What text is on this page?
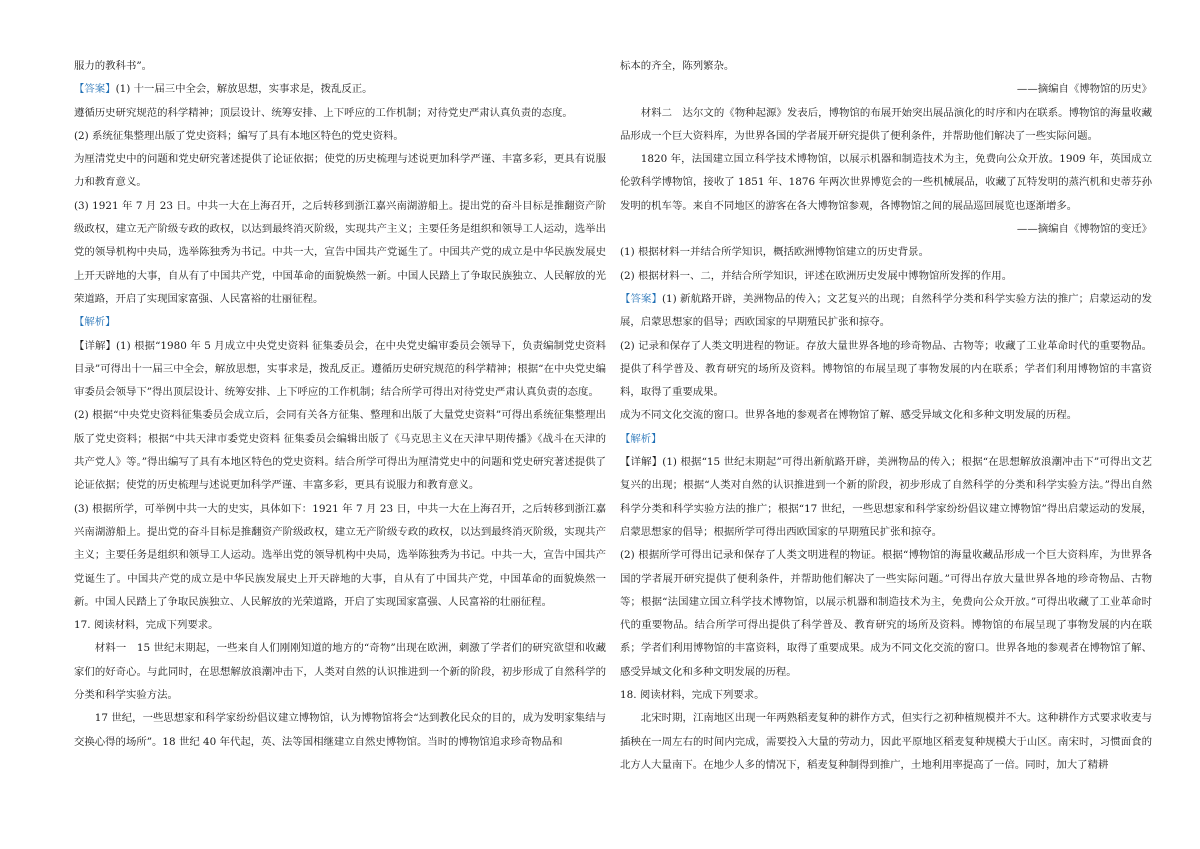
服力的教科书”。

【答案】(1) 十一届三中全会，解放思想，实事求是，拨乱反正。

遵循历史研究规范的科学精神；顶层设计、统筹安排、上下呼应的工作机制；对待党史严肃认真负责的态度。

(2) 系统征集整理出版了党史资料；编写了具有本地区特色的党史资料。

为厘清党史中的问题和党史研究著述提供了论证依据；使党的历史梳理与述说更加科学严谨、丰富多彩，更具有说服力和教育意义。

(3) 1921 年 7 月 23 日。中共一大在上海召开，之后转移到浙江嘉兴南湖游船上。提出党的奋斗目标是推翻资产阶级政权，建立无产阶级专政的政权，以达到最终消灭阶级，实现共产主义；主要任务是组织和领导工人运动，选举出党的领导机构中央局，选举陈独秀为书记。中共一大，宣告中国共产党诞生了。中国共产党的成立是中华民族发展史上开天辟地的大事，自从有了中国共产党，中国革命的面貌焕然一新。中国人民踏上了争取民族独立、人民解放的光荣道路，开启了实现国家富强、人民富裕的壮丽征程。

【解析】

【详解】(1) 根据“1980 年 5 月成立中央党史资料 征集委员会，在中央党史编审委员会领导下，负责编制党史资料 目录”可得出十一届三中全会，解放思想，实事求是，拨乱反正。遵循历史研究规范的科学精神；根据“在中央党史编审委员会领导下”得出顶层设计、统筹安排、上下呼应的工作机制；结合所学可得出对待党史严肃认真负责的态度。

(2) 根据“中央党史资料征集委员会成立后，会同有关各方征集、整理和出版了大量党史资料”可得出系统征集整理出版了党史资料；根据“中共天津市委党史资料 征集委员会编辑出版了《马克思主义在天津早期传播》《战斗在天津的共产党人》等。”得出编写了具有本地区特色的党史资料。结合所学可得出为厘清党史中的问题和党史研究著述提供了论证依据；使党的历史梳理与述说更加科学严谨、丰富多彩，更具有说服力和教育意义。

(3) 根据所学，可举例中共一大的史实，具体如下：1921 年 7 月 23 日，中共一大在上海召开，之后转移到浙江嘉兴南湖游船上。提出党的奋斗目标是推翻资产阶级政权，建立无产阶级专政的政权，以达到最终消灭阶级，实现共产主义；主要任务是组织和领导工人运动。选举出党的领导机构中央局，选举陈独秀为书记。中共一大，宣告中国共产党诞生了。中国共产党的成立是中华民族发展史上开天辟地的大事，自从有了中国共产党，中国革命的面貌焕然一新。中国人民踏上了争取民族独立、人民解放的光荣道路，开启了实现国家富强、人民富裕的壮丽征程。

17. 阅读材料，完成下列要求。

材料一　15 世纪末期起，一些来自人们刚刚知道的地方的“奇物”出现在欧洲，刺激了学者们的研究欲望和收藏家们的好奇心。与此同时，在思想解放浪潮冲击下，人类对自然的认识推进到一个新的阶段，初步形成了自然科学的分类和科学实验方法。

17 世纪，一些思想家和科学家纷纷倡议建立博物馆，认为博物馆将会“达到教化民众的目的，成为发明家集结与交换心得的场所”。18 世纪 40 年代起，英、法等国相继建立自然史博物馆。当时的博物馆追求珍奇物品和

标本的齐全，陈列繁杂。

——摘编自《博物馆的历史》

材料二　达尔文的《物种起源》发表后，博物馆的布展开始突出展品演化的时序和内在联系。博物馆的海量收藏品形成一个巨大资料库，为世界各国的学者展开研究提供了便利条件，并帮助他们解决了一些实际问题。

1820 年，法国建立国立科学技术博物馆，以展示机器和制造技术为主，免费向公众开放。1909 年，英国成立伦敦科学博物馆，接收了 1851 年、1876 年两次世界博览会的一些机械展品，收藏了瓦特发明的蒸汽机和史蒂芬孙发明的机车等。来自不同地区的游客在各大博物馆参观，各博物馆之间的展品巡回展览也逐渐增多。

——摘编自《博物馆的变迁》

(1) 根据材料一并结合所学知识，概括欧洲博物馆建立的历史背景。

(2) 根据材料一、二，并结合所学知识，评述在欧洲历史发展中博物馆所发挥的作用。

【答案】(1) 新航路开辟，美洲物品的传入；文艺复兴的出现；自然科学分类和科学实验方法的推广；启蒙运动的发展，启蒙思想家的倡导；西欧国家的早期殖民扩张和掠夺。

(2) 记录和保存了人类文明进程的物证。存放大量世界各地的珍奇物品、古物等；收藏了工业革命时代的重要物品。提供了科学普及、教育研究的场所及资料。博物馆的布展呈现了事物发展的内在联系；学者们利用博物馆的丰富资料，取得了重要成果。

成为不同文化交流的窗口。世界各地的参观者在博物馆了解、感受异域文化和多种文明发展的历程。

【解析】

【详解】(1) 根据“15 世纪末期起”可得出新航路开辟，美洲物品的传入；根据“在思想解放浪潮冲击下”可得出文艺复兴的出现；根据“人类对自然的认识推进到一个新的阶段，初步形成了自然科学的分类和科学实验方法。”得出自然科学分类和科学实验方法的推广；根据“17 世纪，一些思想家和科学家纷纷倡议建立博物馆”得出启蒙运动的发展，启蒙思想家的倡导；根据所学可得出西欧国家的早期殖民扩张和掠夺。

(2) 根据所学可得出记录和保存了人类文明进程的物证。根据“博物馆的海量收藏品形成一个巨大资料库，为世界各国的学者展开研究提供了便利条件，并帮助他们解决了一些实际问题。”可得出存放大量世界各地的珍奇物品、古物等；根据“法国建立国立科学技术博物馆，以展示机器和制造技术为主，免费向公众开放。”可得出收藏了工业革命时代的重要物品。结合所学可得出提供了科学普及、教育研究的场所及资料。博物馆的布展呈现了事物发展的内在联系；学者们利用博物馆的丰富资料，取得了重要成果。成为不同文化交流的窗口。世界各地的参观者在博物馆了解、感受异域文化和多种文明发展的历程。

18. 阅读材料，完成下列要求。

北宋时期，江南地区出现一年两熟稻麦复种的耕作方式，但实行之初种植规模并不大。这种耕作方式要求收麦与插秧在一周左右的时间内完成，需要投入大量的劳动力，因此平原地区稻麦复种规模大于山区。南宋时，习惯面食的北方人大量南下。在地少人多的情况下，稻麦复种制得到推广，土地利用率提高了一倍。同时，加大了精耕
